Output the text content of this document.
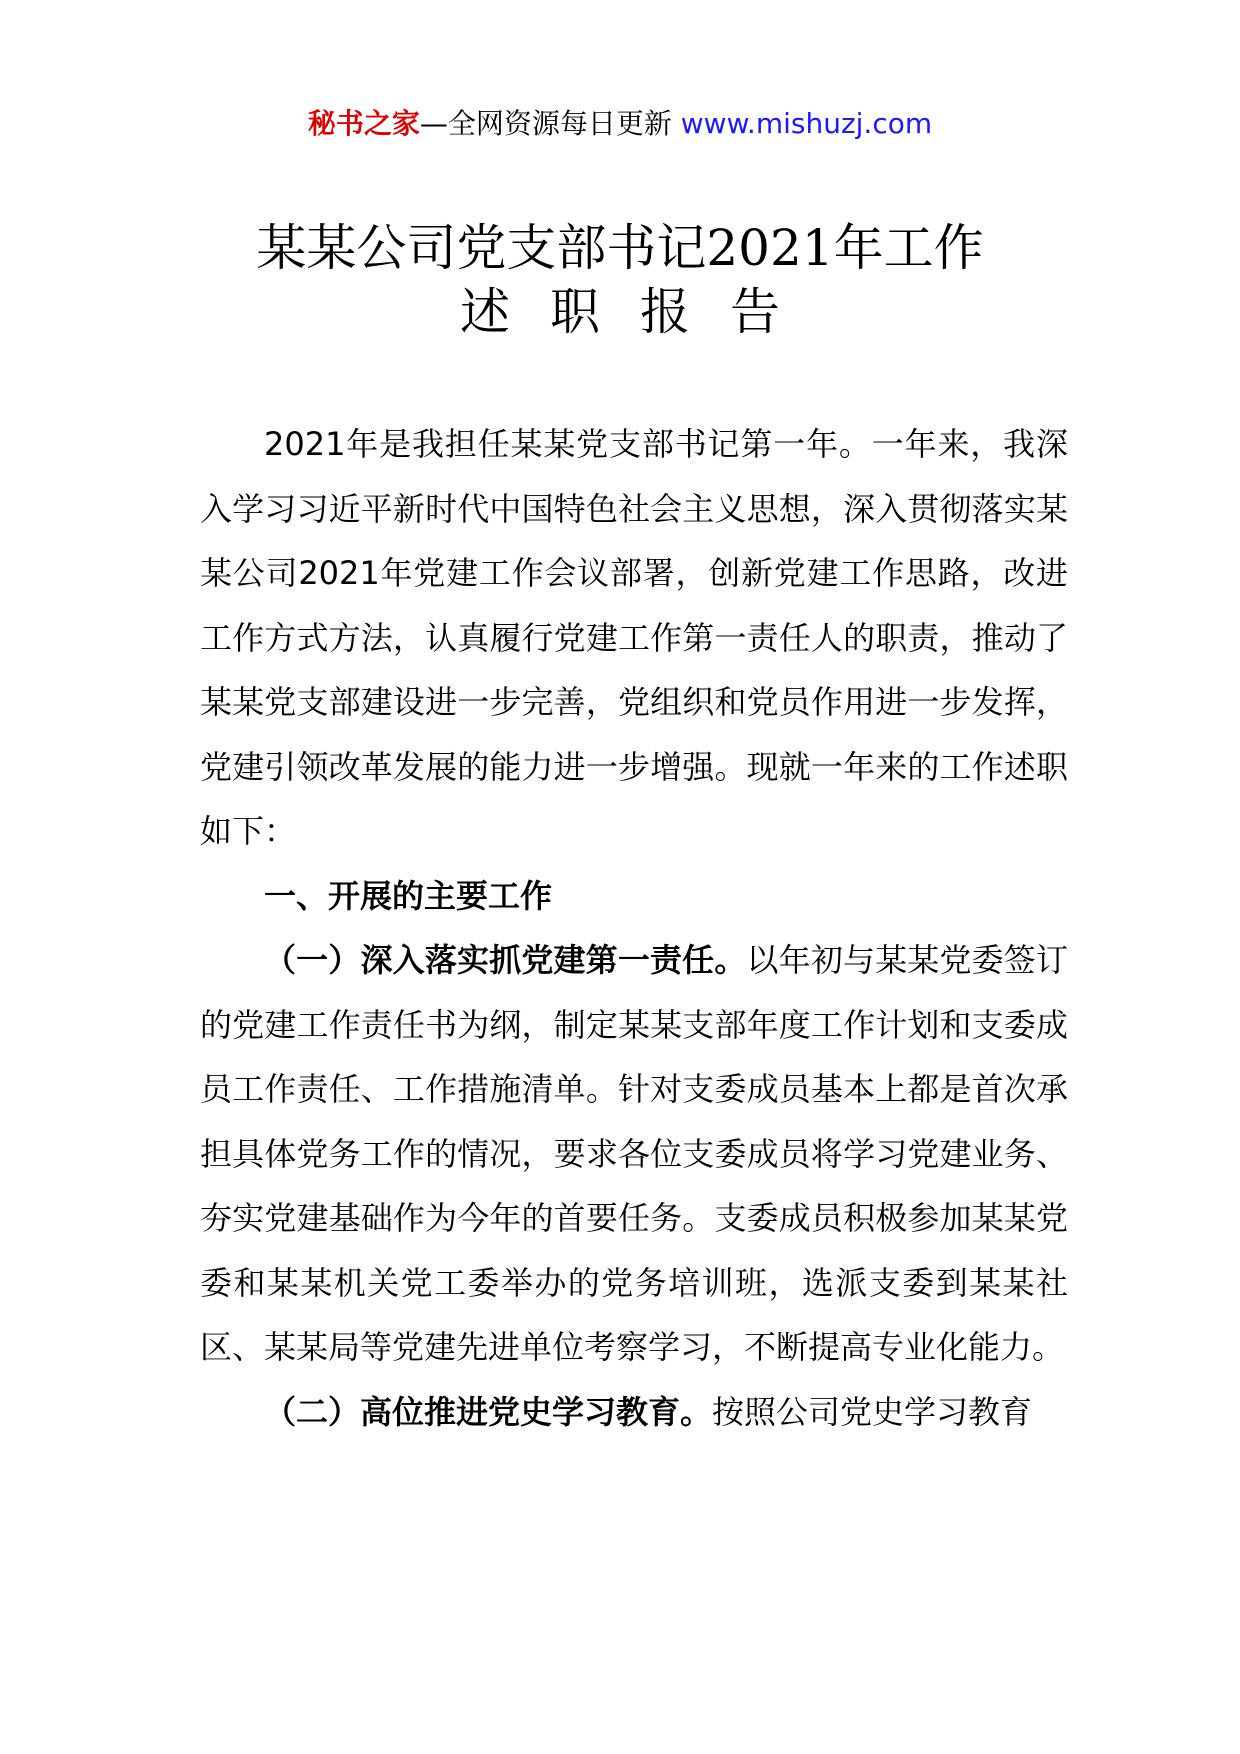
秘书之家—全网资源每日更新 www.mishuzj.com
某某公司党支部书记2021年工作
述职报告

2021年是我担任某某党支部书记第一年。一年来，我深入学习习近平新时代中国特色社会主义思想，深入贯彻落实某某公司2021年党建工作会议部署，创新党建工作思路，改进工作方式方法，认真履行党建工作第一责任人的职责，推动了某某党支部建设进一步完善，党组织和党员作用进一步发挥，党建引领改革发展的能力进一步增强。现就一年来的工作述职如下：

一、开展的主要工作

（一）深入落实抓党建第一责任。以年初与某某党委签订的党建工作责任书为纲，制定某某支部年度工作计划和支委成员工作责任、工作措施清单。针对支委成员基本上都是首次承担具体党务工作的情况，要求各位支委成员将学习党建业务、夯实党建基础作为今年的首要任务。支委成员积极参加某某党委和某某机关党工委举办的党务培训班，选派支委到某某社区、某某局等党建先进单位考察学习，不断提高专业化能力。

（二）高位推进党史学习教育。按照公司党史学习教育
